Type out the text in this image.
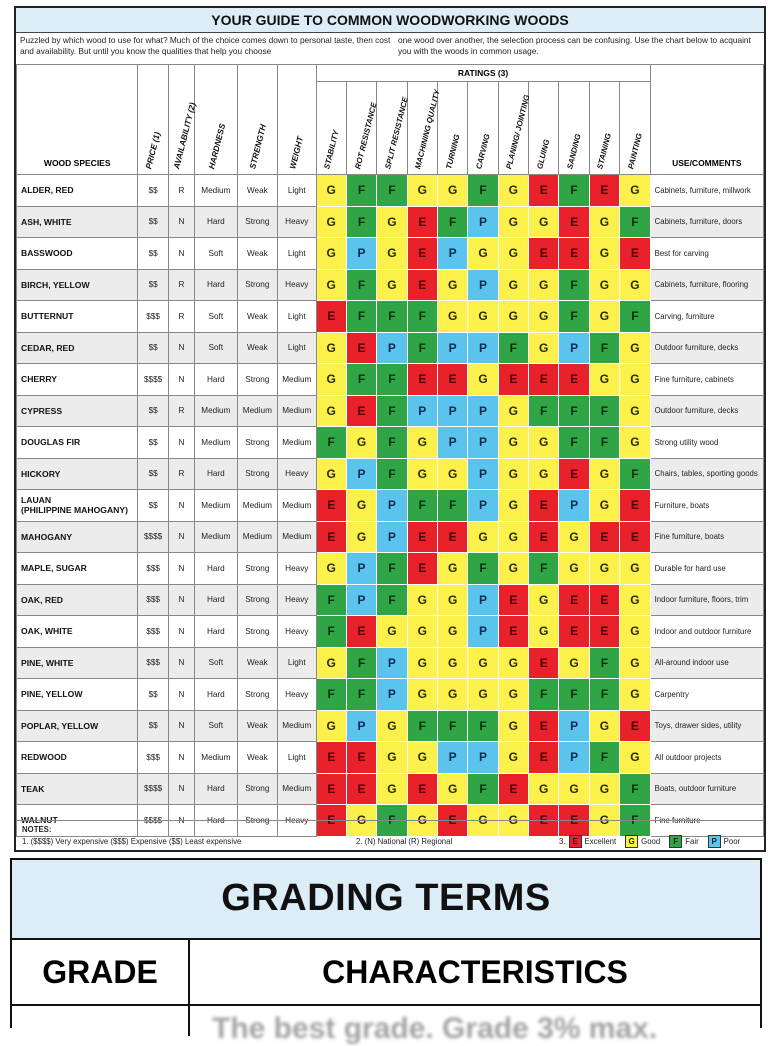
YOUR GUIDE TO COMMON WOODWORKING WOODS
Puzzled by which wood to use for what? Much of the choice comes down to personal taste, then cost and availability. But until you know the qualities that help you choose
one wood over another, the selection process can be confusing. Use the chart below to acquaint you with the woods in common usage.
WOOD SPECIES	PRICE (1)	AVAILABILITY (2)	HARDNESS	STRENGTH	WEIGHT	RATINGS (3)											USE/COMMENTS

						STABILITY	ROT RESISTANCE	SPLIT RESISTANCE	MACHINING QUALITY	TURNING	CARVING	PLANING/ JOINTING	GLUING	SANDING	STAINING	PAINTING	

ALDER, RED	$$	R	Medium	Weak	Light	G	F	F	G	G	F	G	E	F	E	G	Cabinets, furniture, millwork
ASH, WHITE	$$	N	Hard	Strong	Heavy	G	F	G	E	F	P	G	G	E	G	F	Cabinets, furniture, doors
BASSWOOD	$$	N	Soft	Weak	Light	G	P	G	E	P	G	G	E	E	G	E	Best for carving
BIRCH, YELLOW	$$	R	Hard	Strong	Heavy	G	F	G	E	G	P	G	G	F	G	G	Cabinets, furniture, flooring
BUTTERNUT	$$$	R	Soft	Weak	Light	E	F	F	F	G	G	G	G	F	G	F	Carving, furniture
CEDAR, RED	$$	N	Soft	Weak	Light	G	E	P	F	P	P	F	G	P	F	G	Outdoor furniture, decks
CHERRY	$$$$	N	Hard	Strong	Medium	G	F	F	E	E	G	E	E	E	G	G	Fine furniture, cabinets
CYPRESS	$$	R	Medium	Medium	Medium	G	E	F	P	P	P	G	F	F	F	G	Outdoor furniture, decks
DOUGLAS FIR	$$	N	Medium	Strong	Medium	F	G	F	G	P	P	G	G	F	F	G	Strong utility wood
HICKORY	$$	R	Hard	Strong	Heavy	G	P	F	G	G	P	G	G	E	G	F	Chairs, tables, sporting goods
LAUAN
(PHILIPPINE MAHOGANY)	$$	N	Medium	Medium	Medium	E	G	P	F	F	P	G	E	P	G	E	Furniture, boats
MAHOGANY	$$$$	N	Medium	Medium	Medium	E	G	P	E	E	G	G	E	G	E	E	Fine furniture, boats
MAPLE, SUGAR	$$$	N	Hard	Strong	Heavy	G	P	F	E	G	F	G	F	G	G	G	Durable for hard use
OAK, RED	$$$	N	Hard	Strong	Heavy	F	P	F	G	G	P	E	G	E	E	G	Indoor furniture, floors, trim
OAK, WHITE	$$$	N	Hard	Strong	Heavy	F	E	G	G	G	P	E	G	E	E	G	Indoor and outdoor furniture
PINE, WHITE	$$$	N	Soft	Weak	Light	G	F	P	G	G	G	G	E	G	F	G	All-around indoor use
PINE, YELLOW	$$	N	Hard	Strong	Heavy	F	F	P	G	G	G	G	F	F	F	G	Carpentry
POPLAR, YELLOW	$$	N	Soft	Weak	Medium	G	P	G	F	F	F	G	E	P	G	E	Toys, drawer sides, utility
REDWOOD	$$$	N	Medium	Weak	Light	E	E	G	G	P	P	G	E	P	F	G	All outdoor projects
TEAK	$$$$	N	Hard	Strong	Medium	E	E	G	E	G	F	E	G	G	G	F	Boats, outdoor furniture
WALNUT	$$$$	N	Hard	Strong	Heavy	E	G	F	G	E	G	G	E	E	G	F	Fine furniture
NOTES:
1. ($$$$) Very expensive ($$$) Expensive ($$) Least expensive	2. (N) National (R) Regional	3. E Excellent	G Good	F Fair	P Poor
GRADING TERMS
GRADE	CHARACTERISTICS
The best grade. Grade 3% max.
